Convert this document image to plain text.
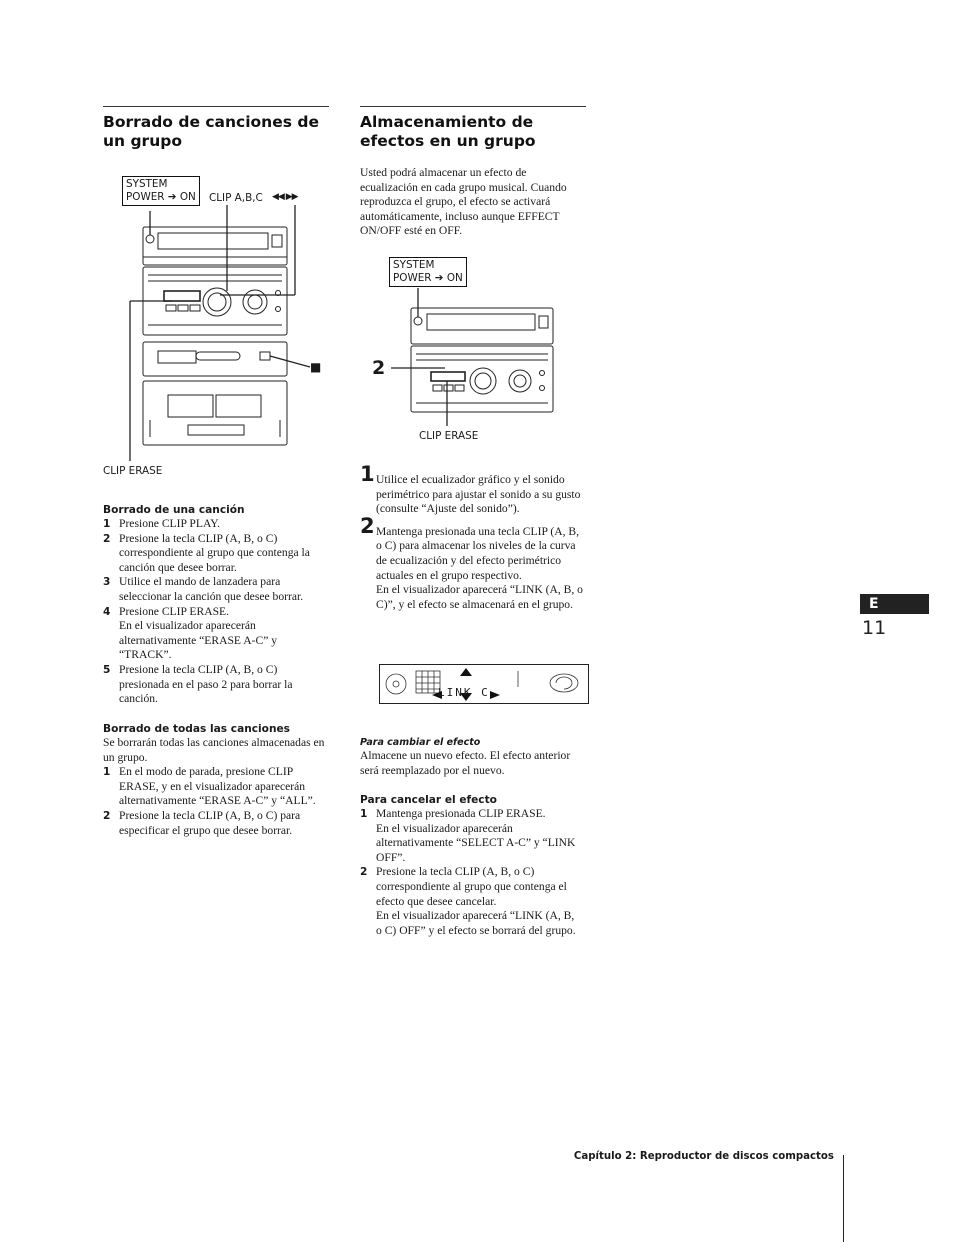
Borrado de canciones de
un grupo
SYSTEM
POWER ➔ ON	CLIP A,B,C ◀◀ ▶▶
■
CLIP ERASE
Borrado de una canción
1 Presione CLIP PLAY.
2 Presione la tecla CLIP (A, B, o C) correspondiente al grupo que contenga la canción que desee borrar.
3 Utilice el mando de lanzadera para seleccionar la canción que desee borrar.
4 Presione CLIP ERASE.
En el visualizador aparecerán alternativamente “ERASE A-C” y “TRACK”.
5 Presione la tecla CLIP (A, B, o C) presionada en el paso 2 para borrar la canción.
Borrado de todas las canciones

Se borrarán todas las canciones almacenadas en un grupo.

1 En el modo de parada, presione CLIP ERASE, y en el visualizador aparecerán alternativamente “ERASE A-C” y “ALL”.
2 Presione la tecla CLIP (A, B, o C) para especificar el grupo que desee borrar.
Almacenamiento de
efectos en un grupo
Usted podrá almacenar un efecto de ecualización en cada grupo musical. Cuando reproduzca el grupo, el efecto se activará automáticamente, incluso aunque EFFECT ON/OFF esté en OFF.
SYSTEM
POWER ➔ ON
2
CLIP ERASE
1 Utilice el ecualizador gráfico y el sonido perimétrico para ajustar el sonido a su gusto (consulte “Ajuste del sonido”).
2 Mantenga presionada una tecla CLIP (A, B, o C) para almacenar los niveles de la curva de ecualización y del efecto perimétrico actuales en el grupo respectivo.
En el visualizador aparecerá “LINK (A, B, o C)”, y el efecto se almacenará en el grupo.
LINK C
Para cambiar el efecto

Almacene un nuevo efecto. El efecto anterior será reemplazado por el nuevo.

Para cancelar el efecto
1 Mantenga presionada CLIP ERASE.
En el visualizador aparecerán alternativamente “SELECT A-C” y “LINK OFF”.
2 Presione la tecla CLIP (A, B, o C) correspondiente al grupo que contenga el efecto que desee cancelar.
En el visualizador aparecerá “LINK (A, B, o C) OFF” y el efecto se borrará del grupo.
E
11
Capítulo 2: Reproductor de discos compactos
